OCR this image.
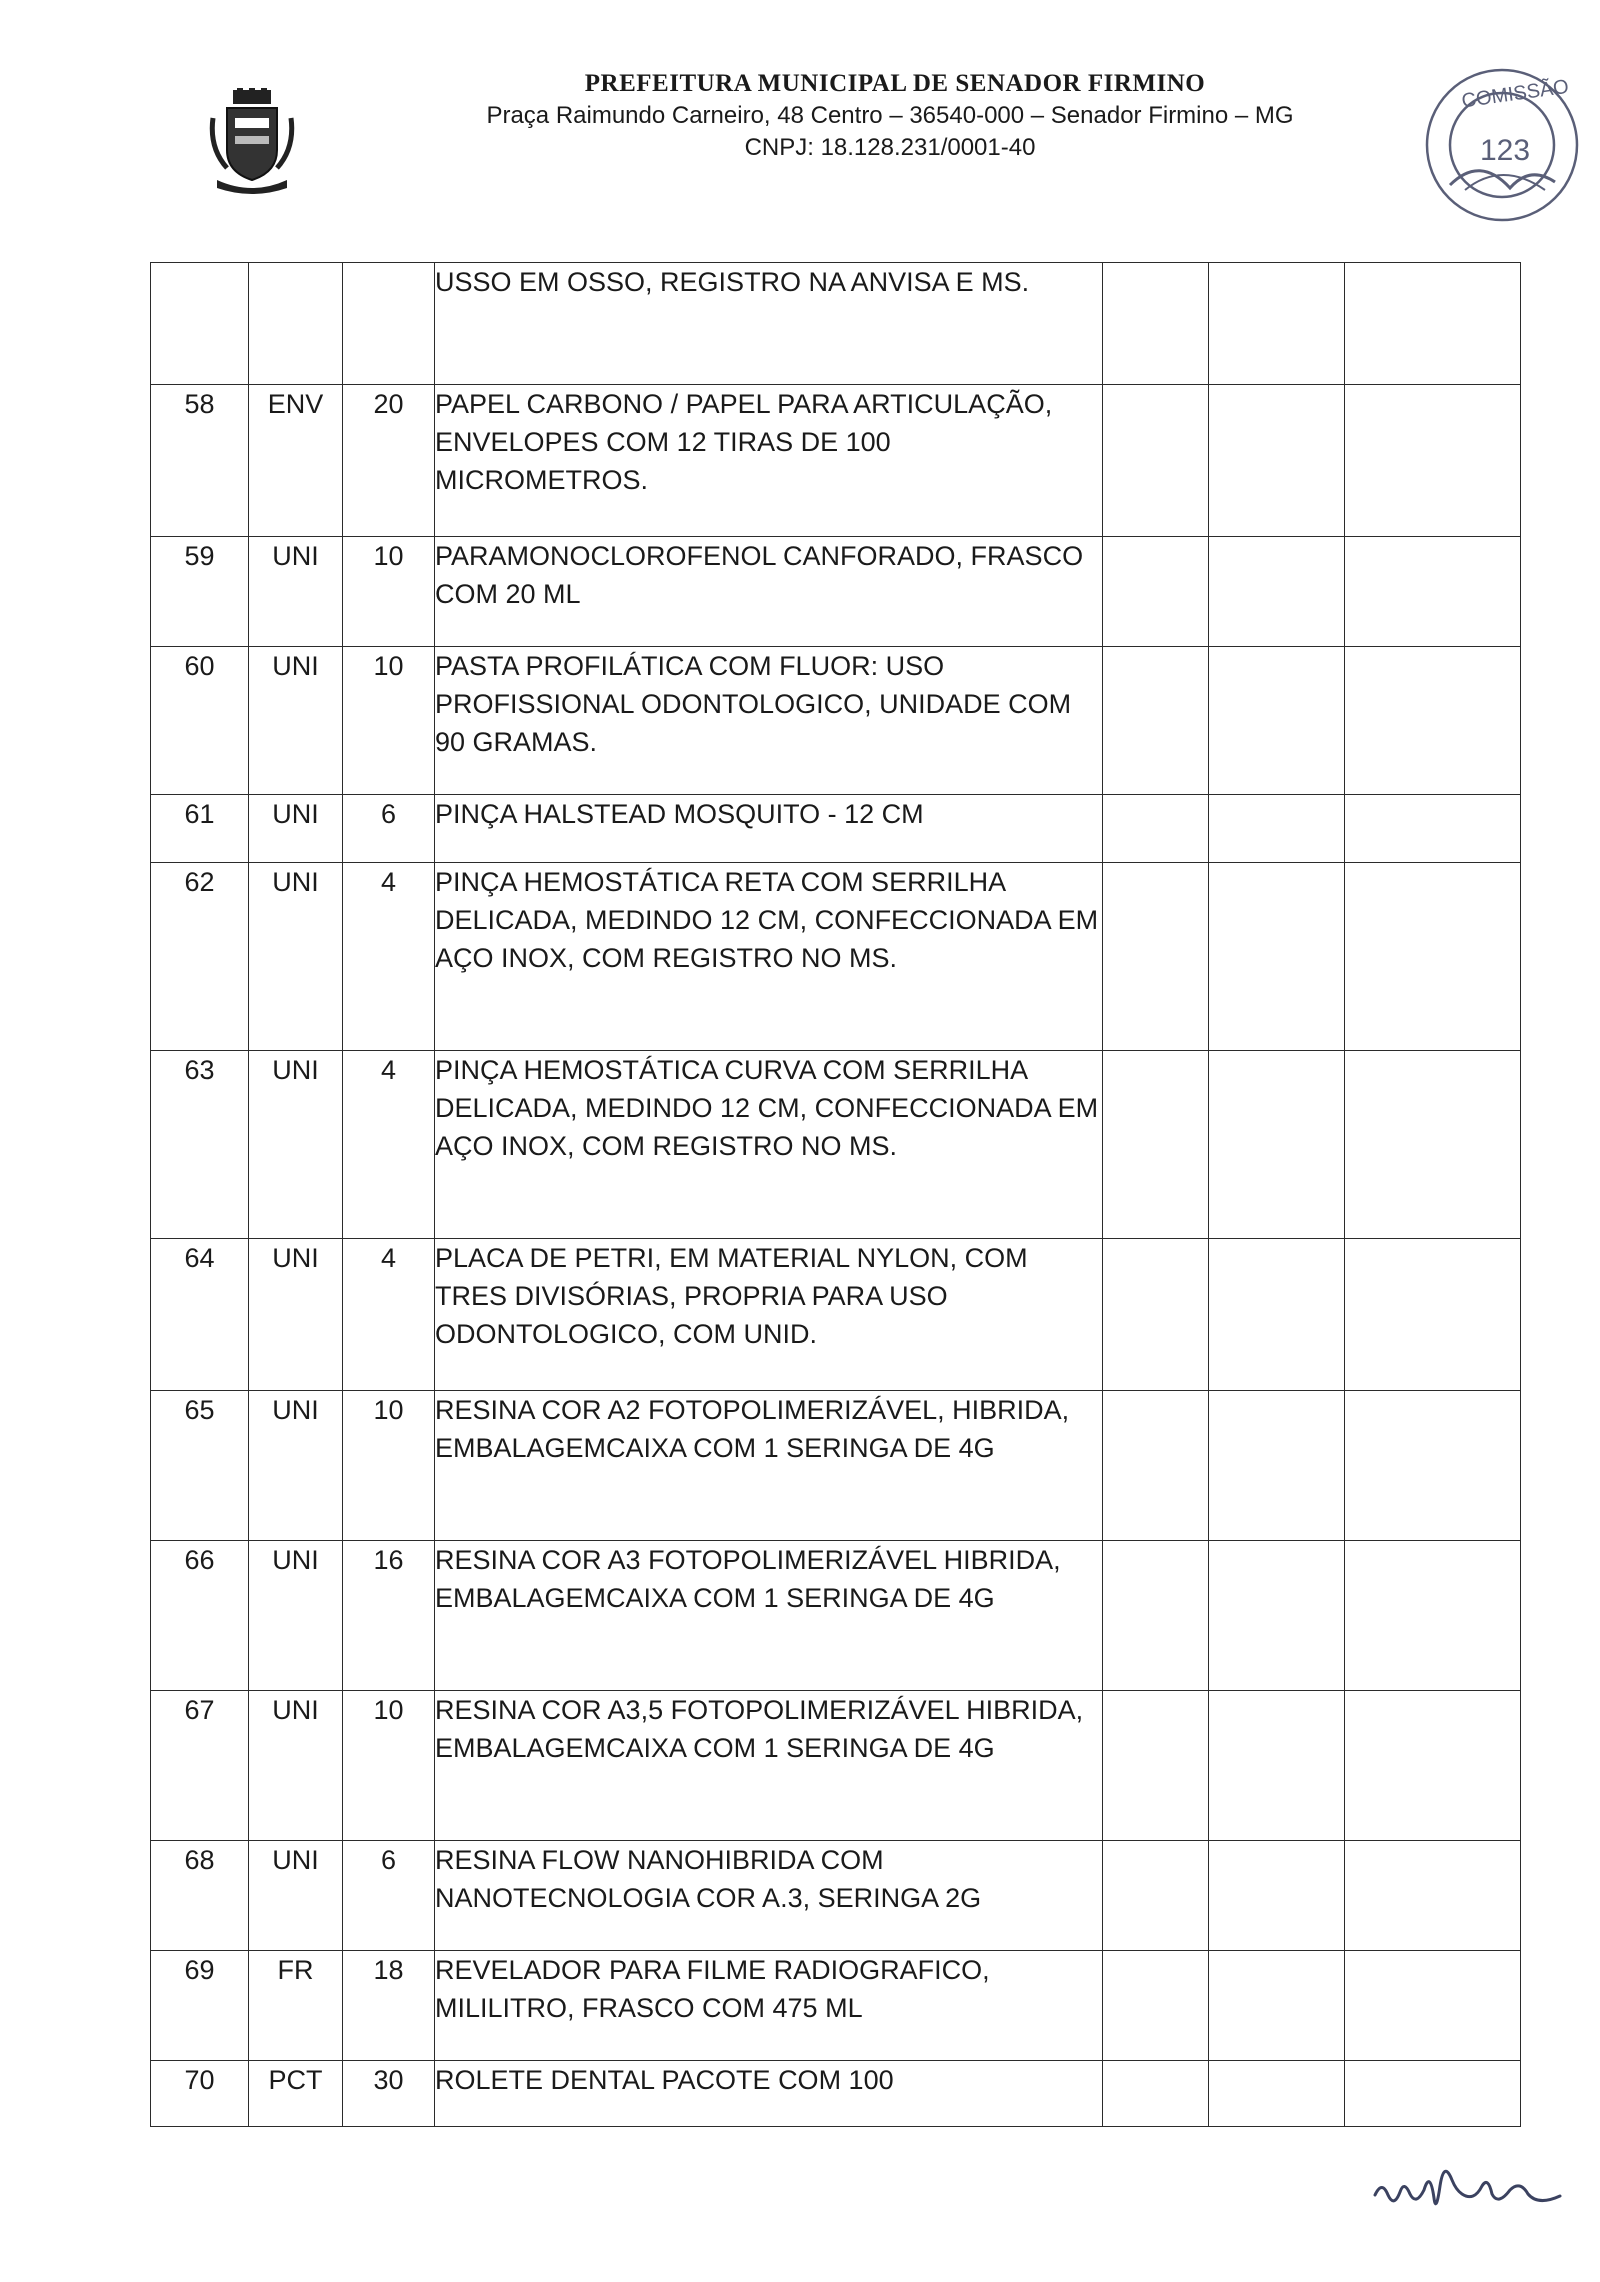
PREFEITURA MUNICIPAL DE SENADOR FIRMINO
Praça Raimundo Carneiro, 48 Centro – 36540-000 – Senador Firmino – MG
CNPJ: 18.128.231/0001-40
COMISSÃO
123
			USSO EM OSSO, REGISTRO NA ANVISA E MS.			
58	ENV	20	PAPEL CARBONO / PAPEL PARA ARTICULAÇÃO, ENVELOPES COM 12 TIRAS DE 100 MICROMETROS.			
59	UNI	10	PARAMONOCLOROFENOL CANFORADO, FRASCO COM 20 ML			
60	UNI	10	PASTA PROFILÁTICA COM FLUOR: USO PROFISSIONAL ODONTOLOGICO, UNIDADE COM 90 GRAMAS.			
61	UNI	6	PINÇA HALSTEAD MOSQUITO - 12 CM			
62	UNI	4	PINÇA HEMOSTÁTICA RETA COM SERRILHA DELICADA, MEDINDO 12 CM, CONFECCIONADA EM AÇO INOX, COM REGISTRO NO MS.			
63	UNI	4	PINÇA HEMOSTÁTICA CURVA COM SERRILHA DELICADA, MEDINDO 12 CM, CONFECCIONADA EM AÇO INOX, COM REGISTRO NO MS.			
64	UNI	4	PLACA DE PETRI, EM MATERIAL NYLON, COM TRES DIVISÓRIAS, PROPRIA PARA USO ODONTOLOGICO, COM UNID.			
65	UNI	10	RESINA COR A2 FOTOPOLIMERIZÁVEL, HIBRIDA, EMBALAGEMCAIXA COM 1 SERINGA DE 4G			
66	UNI	16	RESINA COR A3 FOTOPOLIMERIZÁVEL HIBRIDA, EMBALAGEMCAIXA COM 1 SERINGA DE 4G			
67	UNI	10	RESINA COR A3,5 FOTOPOLIMERIZÁVEL HIBRIDA, EMBALAGEMCAIXA COM 1 SERINGA DE 4G			
68	UNI	6	RESINA FLOW NANOHIBRIDA COM NANOTECNOLOGIA COR A.3, SERINGA 2G			
69	FR	18	REVELADOR PARA FILME RADIOGRAFICO, MILILITRO, FRASCO COM 475 ML			
70	PCT	30	ROLETE DENTAL PACOTE COM 100			
